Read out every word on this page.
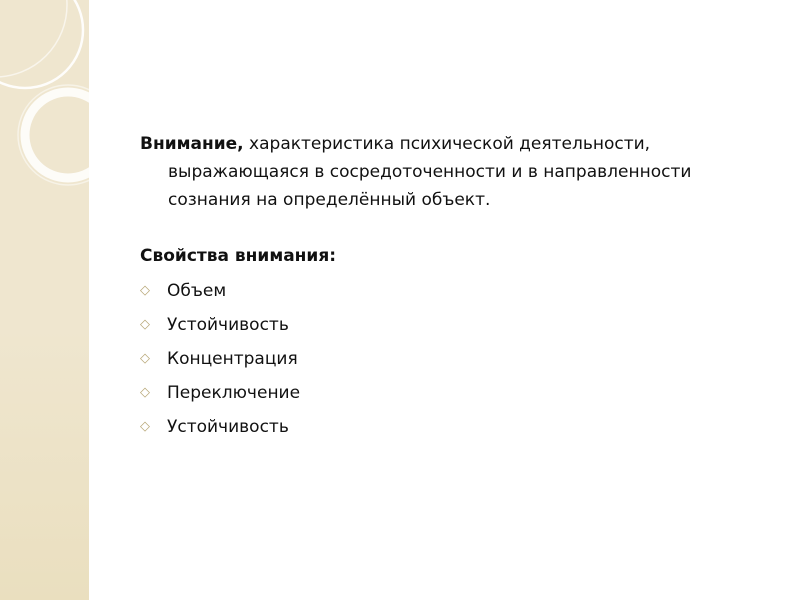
Внимание, характеристика психической деятельности, выражающаяся в сосредоточенности и в направленности сознания на определённый объект.

Свойства внимания:

◇ Объем
◇ Устойчивость
◇ Концентрация
◇ Переключение
◇ Устойчивость
